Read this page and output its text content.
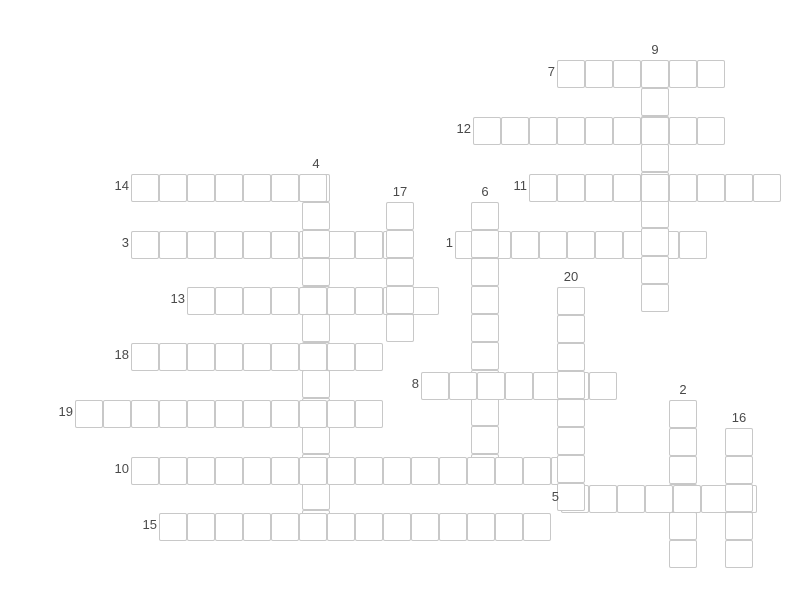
1
2
3
4
5
6
7
8
9
10
11
12
13
14
15
16
17
18
19
20
